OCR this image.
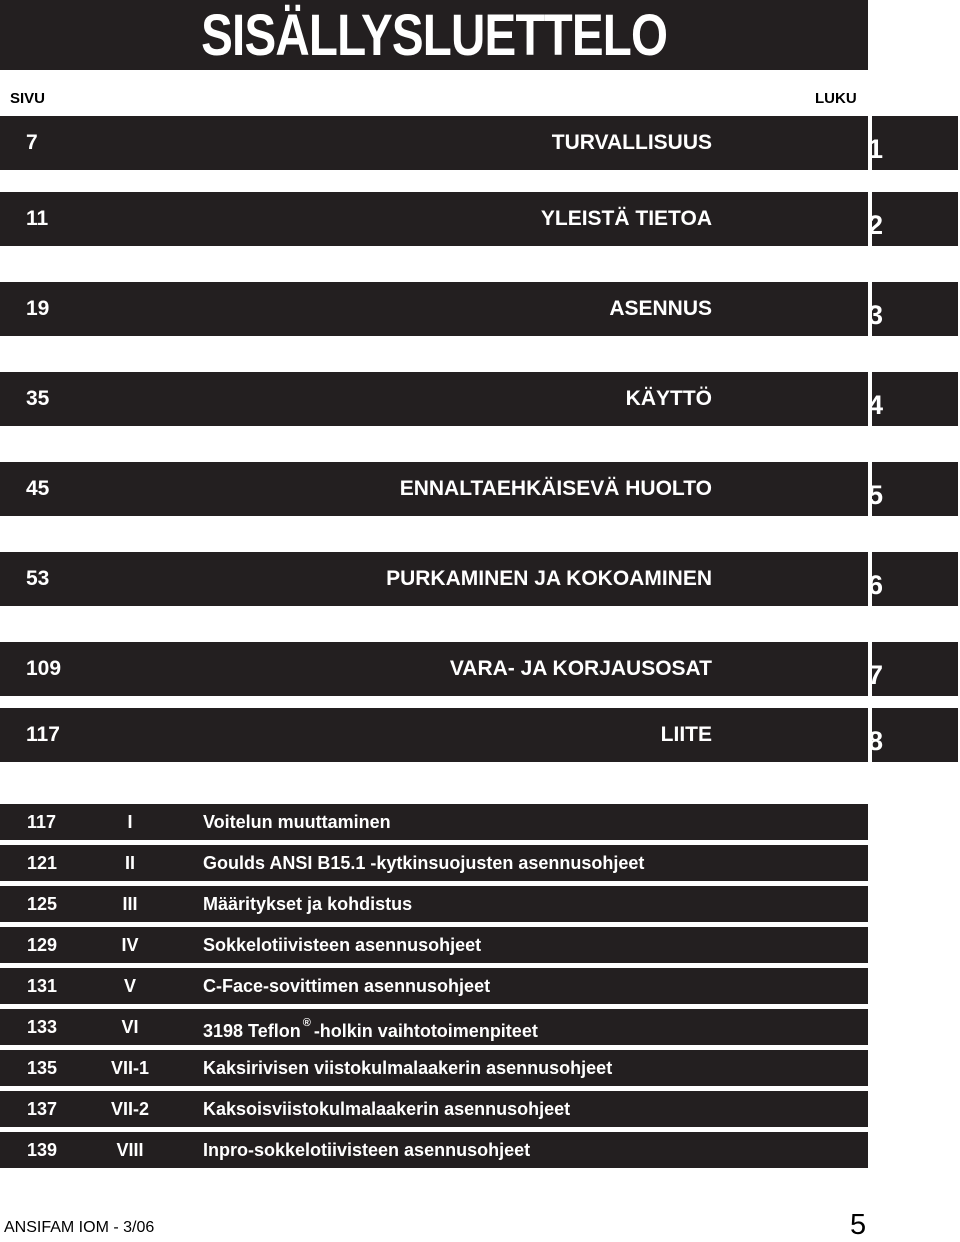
SISÄLLYSLUETTELO
SIVU	LUKU
7	TURVALLISUUS	1
11	YLEISTÄ TIETOA	2
19	ASENNUS	3
35	KÄYTTÖ	4
45	ENNALTAEHKÄISEVÄ HUOLTO	5
53	PURKAMINEN JA KOKOAMINEN	6
109	VARA- JA KORJAUSOSAT	7
117	LIITE	8
117	I	Voitelun muuttaminen
121	II	Goulds ANSI B15.1 -kytkinsuojusten asennusohjeet
125	III	Määritykset ja kohdistus
129	IV	Sokkelotiivisteen asennusohjeet
131	V	C-Face-sovittimen asennusohjeet
133	VI	3198 Teflon ® -holkin vaihtotoimenpiteet
135	VII-1	Kaksirivisen viistokulmalaakerin asennusohjeet
137	VII-2	Kaksoisviistokulmalaakerin asennusohjeet
139	VIII	Inpro-sokkelotiivisteen asennusohjeet
ANSIFAM IOM - 3/06	5
